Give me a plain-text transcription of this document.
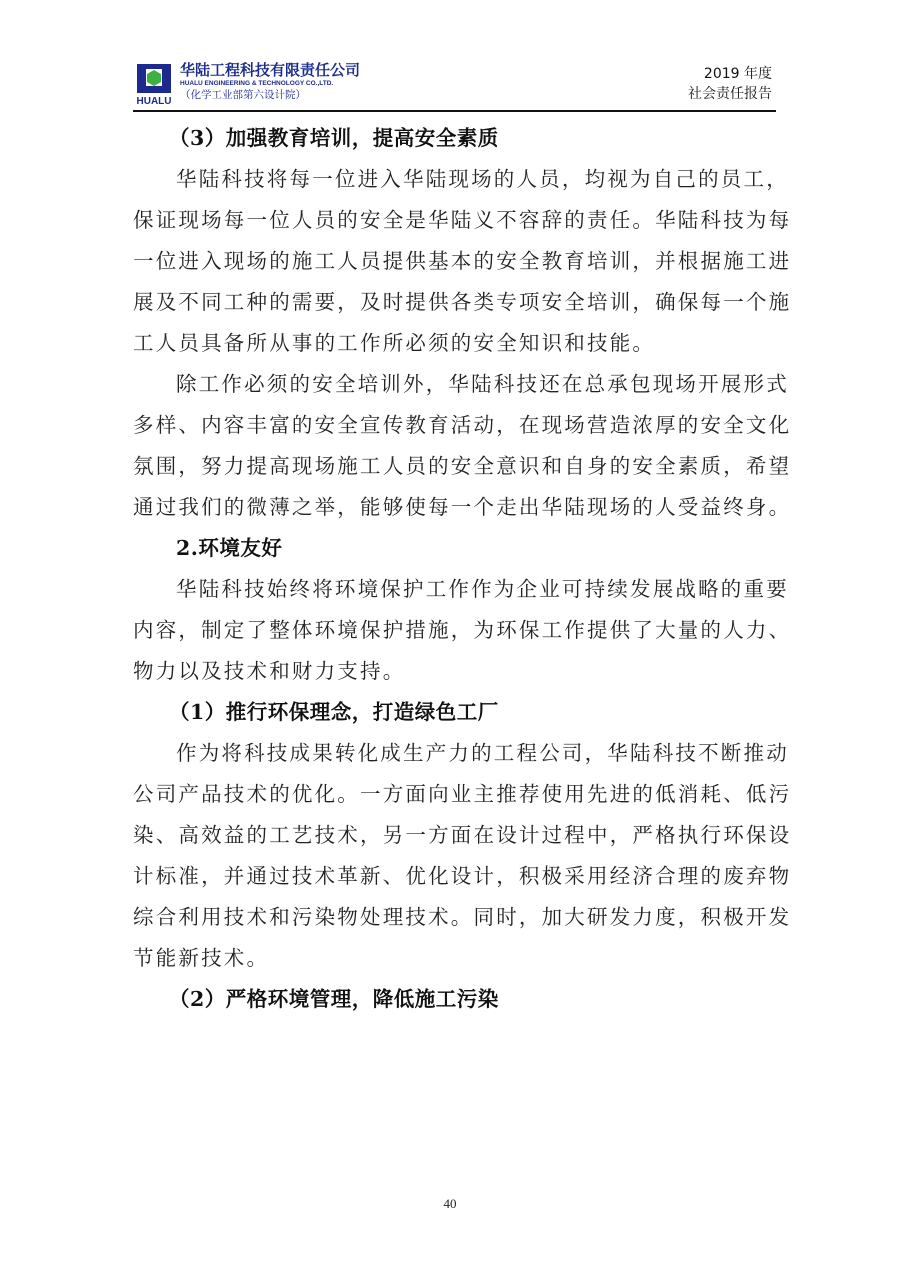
HUALU
华陆工程科技有限责任公司
HUALU ENGINEERING & TECHNOLOGY CO.,LTD.
（化学工业部第六设计院）
2019 年度
社会责任报告
（3）加强教育培训，提高安全素质
华陆科技将每一位进入华陆现场的人员，均视为自己的员工，
保证现场每一位人员的安全是华陆义不容辞的责任。华陆科技为每
一位进入现场的施工人员提供基本的安全教育培训，并根据施工进
展及不同工种的需要，及时提供各类专项安全培训，确保每一个施
工人员具备所从事的工作所必须的安全知识和技能。
除工作必须的安全培训外，华陆科技还在总承包现场开展形式
多样、内容丰富的安全宣传教育活动，在现场营造浓厚的安全文化
氛围，努力提高现场施工人员的安全意识和自身的安全素质，希望
通过我们的微薄之举，能够使每一个走出华陆现场的人受益终身。
2.环境友好
华陆科技始终将环境保护工作作为企业可持续发展战略的重要
内容，制定了整体环境保护措施，为环保工作提供了大量的人力、
物力以及技术和财力支持。
（1）推行环保理念，打造绿色工厂
作为将科技成果转化成生产力的工程公司，华陆科技不断推动
公司产品技术的优化。一方面向业主推荐使用先进的低消耗、低污
染、高效益的工艺技术，另一方面在设计过程中，严格执行环保设
计标准，并通过技术革新、优化设计，积极采用经济合理的废弃物
综合利用技术和污染物处理技术。同时，加大研发力度，积极开发
节能新技术。
（2）严格环境管理，降低施工污染
40
